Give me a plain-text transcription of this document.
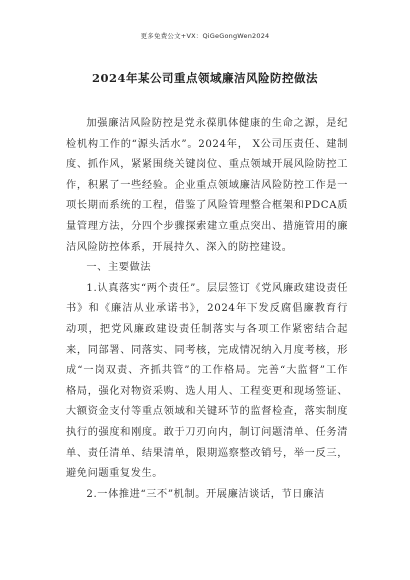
更多免费公文+VX：QiGeGongWen2024
2024年某公司重点领域廉洁风险防控做法

加强廉洁风险防控是党永葆肌体健康的生命之源，是纪检机构工作的“源头活水”。2024年， X公司压责任、建制度、抓作风，紧紧围绕关键岗位、重点领域开展风险防控工作，积累了一些经验。企业重点领域廉洁风险防控工作是一项长期而系统的工程，借鉴了风险管理整合框架和PDCA质量管理方法，分四个步骤探索建立重点突出、措施管用的廉洁风险防控体系，开展持久、深入的防控建设。

一、主要做法

1.认真落实“两个责任”。层层签订《党风廉政建设责任书》和《廉洁从业承诺书》，2024年下发反腐倡廉教育行动项，把党风廉政建设责任制落实与各项工作紧密结合起来，同部署、同落实、同考核，完成情况纳入月度考核，形成“一岗双责、齐抓共管”的工作格局。完善“大监督”工作格局，强化对物资采购、选人用人、工程变更和现场签证、大额资金支付等重点领域和关键环节的监督检查，落实制度执行的强度和刚度。敢于刀刃向内，制订问题清单、任务清单、责任清单、结果清单，限期巡察整改销号，举一反三，避免问题重复发生。

2.一体推进“三不”机制。开展廉洁谈话，节日廉洁
